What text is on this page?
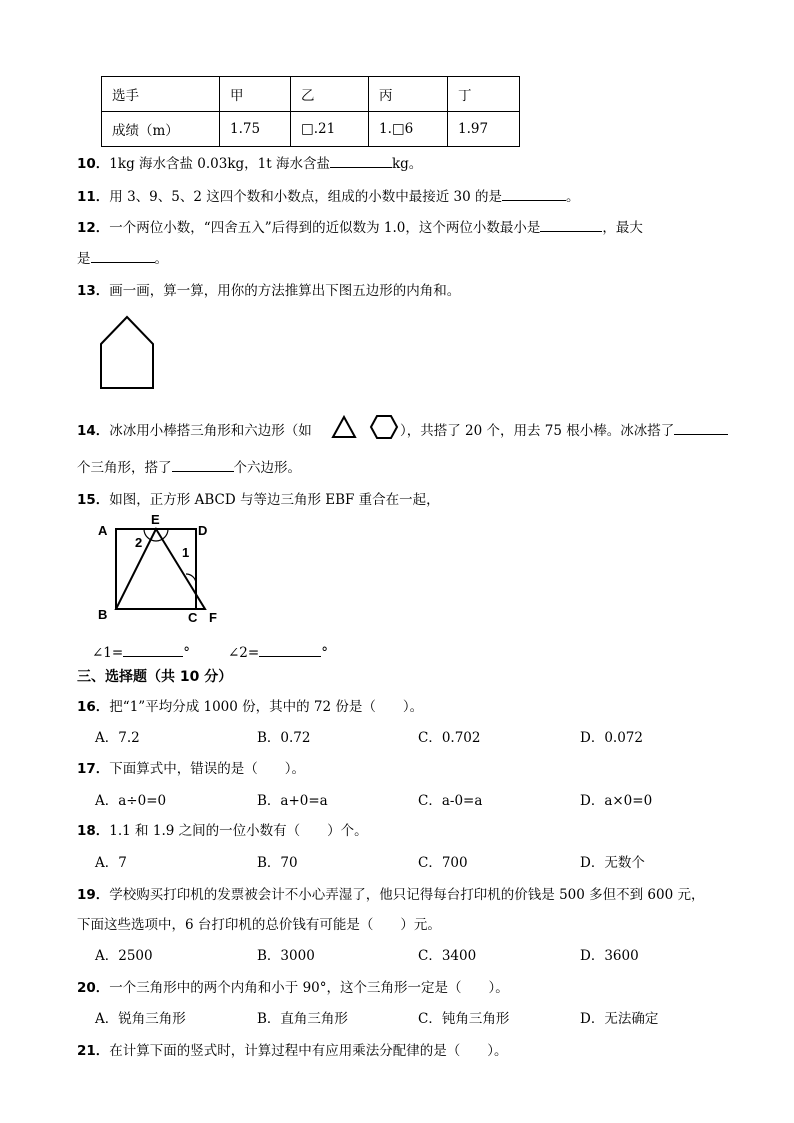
选手	甲	乙	丙	丁
成绩（m）	1.75	□.21	1.□6	1.97
10．1kg 海水含盐 0.03kg，1t 海水含盐	kg。
11．用 3、9、5、2 这四个数和小数点，组成的小数中最接近 30 的是	。
12．一个两位小数，“四舍五入”后得到的近似数为 1.0，这个两位小数最小是	，最大
是	。
13．画一画，算一算，用你的方法推算出下图五边形的内角和。
14．冰冰用小棒搭三角形和六边形（如	），共搭了 20 个，用去 75 根小棒。冰冰搭了
个三角形，搭了	个六边形。
15．如图，正方形 ABCD 与等边三角形 EBF 重合在一起，
A
E
D
B	C F
1
2
∠1=	°	∠2=	°
三、选择题（共 10 分）
16．把“1”平均分成 1000 份，其中的 72 份是（　　）。
A．7.2	B．0.72	C．0.702	D．0.072
17．下面算式中，错误的是（　　）。
A．a÷0=0	B．a+0=a	C．a-0=a	D．a×0=0
18．1.1 和 1.9 之间的一位小数有（　　）个。
A．7	B．70	C．700	D．无数个
19．学校购买打印机的发票被会计不小心弄湿了，他只记得每台打印机的价钱是 500 多但不到 600 元，
下面这些选项中，6 台打印机的总价钱有可能是（　　）元。
A．2500	B．3000	C．3400	D．3600
20．一个三角形中的两个内角和小于 90°，这个三角形一定是（　　）。
A．锐角三角形	B．直角三角形	C．钝角三角形	D．无法确定
21．在计算下面的竖式时，计算过程中有应用乘法分配律的是（　　）。
